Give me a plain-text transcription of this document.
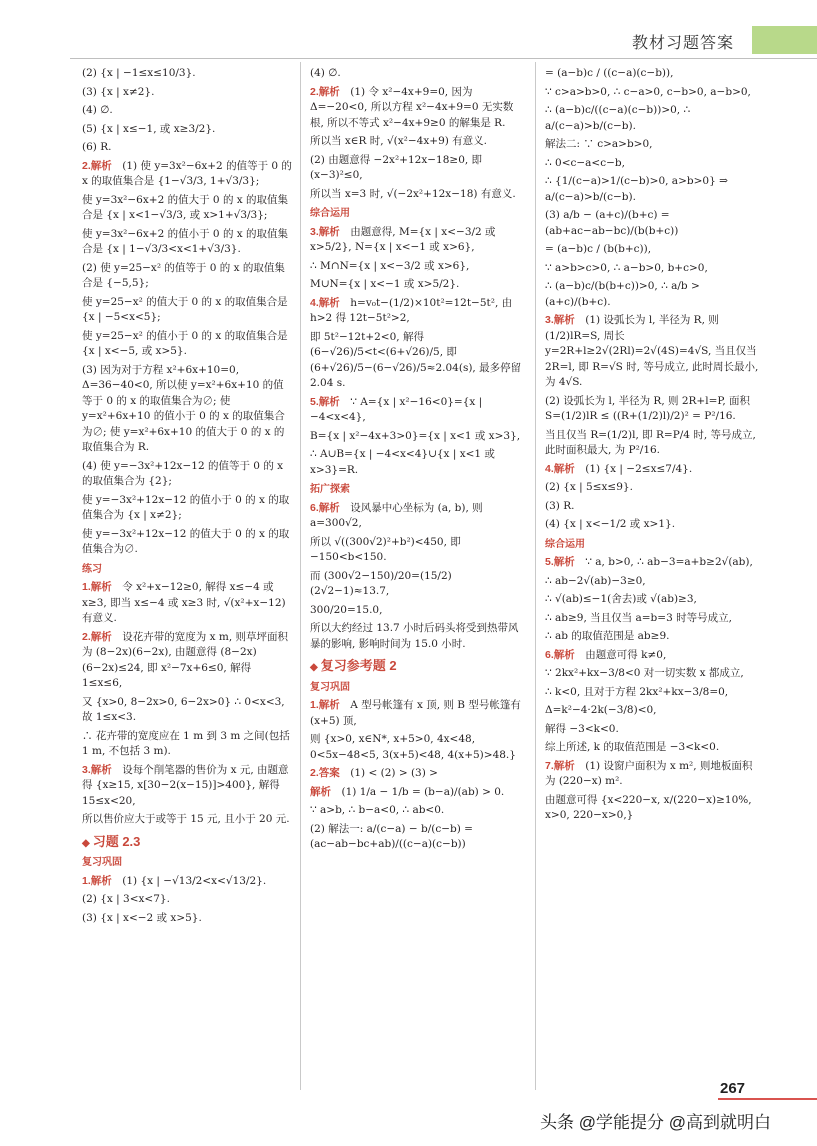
教材习题答案

(2) {x | −1≤x≤10/3}.

(3) {x | x≠2}.

(4) ∅.

(5) {x | x≤−1, 或 x≥3/2}.

(6) R.

2.解析  (1) 使 y=3x²−6x+2 的值等于 0 的 x 的取值集合是 {1−√3/3, 1+√3/3};

使 y=3x²−6x+2 的值大于 0 的 x 的取值集合是 {x | x<1−√3/3, 或 x>1+√3/3};

使 y=3x²−6x+2 的值小于 0 的 x 的取值集合是 {x | 1−√3/3<x<1+√3/3}.

(2) 使 y=25−x² 的值等于 0 的 x 的取值集合是 {−5,5};

使 y=25−x² 的值大于 0 的 x 的取值集合是 {x | −5<x<5};

使 y=25−x² 的值小于 0 的 x 的取值集合是 {x | x<−5, 或 x>5}.

(3) 因为对于方程 x²+6x+10=0, Δ=36−40<0, 所以使 y=x²+6x+10 的值等于 0 的 x 的取值集合为∅; 使 y=x²+6x+10 的值小于 0 的 x 的取值集合为∅; 使 y=x²+6x+10 的值大于 0 的 x 的取值集合为 R.

(4) 使 y=−3x²+12x−12 的值等于 0 的 x 的取值集合为 {2};

使 y=−3x²+12x−12 的值小于 0 的 x 的取值集合为 {x | x≠2};

使 y=−3x²+12x−12 的值大于 0 的 x 的取值集合为∅.

练习

1.解析  令 x²+x−12≥0, 解得 x≤−4 或 x≥3, 即当 x≤−4 或 x≥3 时, √(x²+x−12) 有意义.

2.解析  设花卉带的宽度为 x m, 则草坪面积为 (8−2x)(6−2x), 由题意得 (8−2x)(6−2x)≤24, 即 x²−7x+6≤0, 解得 1≤x≤6,

又 {x>0, 8−2x>0, 6−2x>0} ∴ 0<x<3, 故 1≤x<3.

∴ 花卉带的宽度应在 1 m 到 3 m 之间(包括 1 m, 不包括 3 m).

3.解析  设每个削笔器的售价为 x 元, 由题意得 {x≥15, x[30−2(x−15)]>400}, 解得 15≤x<20,

所以售价应大于或等于 15 元, 且小于 20 元.

◆ 习题 2.3

复习巩固

1.解析  (1) {x | −√13/2<x<√13/2}.

(2) {x | 3<x<7}.

(3) {x | x<−2 或 x>5}.

(4) ∅.

2.解析  (1) 令 x²−4x+9=0, 因为 Δ=−20<0, 所以方程 x²−4x+9=0 无实数根, 所以不等式 x²−4x+9≥0 的解集是 R.

所以当 x∈R 时, √(x²−4x+9) 有意义.

(2) 由题意得 −2x²+12x−18≥0, 即 (x−3)²≤0,

所以当 x=3 时, √(−2x²+12x−18) 有意义.

综合运用

3.解析  由题意得, M={x | x<−3/2 或 x>5/2}, N={x | x<−1 或 x>6},

∴ M∩N={x | x<−3/2 或 x>6},

M∪N={x | x<−1 或 x>5/2}.

4.解析  h=v₀t−(1/2)×10t²=12t−5t², 由 h>2 得 12t−5t²>2,

即 5t²−12t+2<0, 解得 (6−√26)/5<t<(6+√26)/5, 即 (6+√26)/5−(6−√26)/5≈2.04(s), 最多停留 2.04 s.

5.解析  ∵ A={x | x²−16<0}={x | −4<x<4},

B={x | x²−4x+3>0}={x | x<1 或 x>3},

∴ A∪B={x | −4<x<4}∪{x | x<1 或 x>3}=R.

拓广探索

6.解析  设风暴中心坐标为 (a, b), 则 a=300√2,

所以 √((300√2)²+b²)<450, 即 −150<b<150.

而 (300√2−150)/20=(15/2)(2√2−1)≈13.7,

300/20=15.0,

所以大约经过 13.7 小时后码头将受到热带风暴的影响, 影响时间为 15.0 小时.

◆ 复习参考题 2

复习巩固

1.解析  A 型号帐篷有 x 顶, 则 B 型号帐篷有 (x+5) 顶,

则 {x>0, x∈N*, x+5>0, 4x<48, 0<5x−48<5, 3(x+5)<48, 4(x+5)>48.}

2.答案  (1) < (2) > (3) >

解析  (1) 1/a − 1/b = (b−a)/(ab) > 0.

∵ a>b, ∴ b−a<0, ∴ ab<0.

(2) 解法一: a/(c−a) − b/(c−b) = (ac−ab−bc+ab)/((c−a)(c−b))

= (a−b)c / ((c−a)(c−b)),

∵ c>a>b>0, ∴ c−a>0, c−b>0, a−b>0,

∴ (a−b)c/((c−a)(c−b))>0, ∴ a/(c−a)>b/(c−b).

解法二: ∵ c>a>b>0,

∴ 0<c−a<c−b,

∴ {1/(c−a)>1/(c−b)>0, a>b>0} ⇒ a/(c−a)>b/(c−b).

(3) a/b − (a+c)/(b+c) = (ab+ac−ab−bc)/(b(b+c))

= (a−b)c / (b(b+c)),

∵ a>b>c>0, ∴ a−b>0, b+c>0,

∴ (a−b)c/(b(b+c))>0, ∴ a/b > (a+c)/(b+c).

3.解析  (1) 设弧长为 l, 半径为 R, 则 (1/2)lR=S, 周长 y=2R+l≥2√(2Rl)=2√(4S)=4√S, 当且仅当 2R=l, 即 R=√S 时, 等号成立, 此时周长最小, 为 4√S.

(2) 设弧长为 l, 半径为 R, 则 2R+l=P, 面积 S=(1/2)lR ≤ ((R+(1/2)l)/2)² = P²/16.

当且仅当 R=(1/2)l, 即 R=P/4 时, 等号成立, 此时面积最大, 为 P²/16.

4.解析  (1) {x | −2≤x≤7/4}.

(2) {x | 5≤x≤9}.

(3) R.

(4) {x | x<−1/2 或 x>1}.

综合运用

5.解析  ∵ a, b>0, ∴ ab−3=a+b≥2√(ab),

∴ ab−2√(ab)−3≥0,

∴ √(ab)≤−1(舍去)或 √(ab)≥3,

∴ ab≥9, 当且仅当 a=b=3 时等号成立,

∴ ab 的取值范围是 ab≥9.

6.解析  由题意可得 k≠0,

∵ 2kx²+kx−3/8<0 对一切实数 x 都成立,

∴ k<0, 且对于方程 2kx²+kx−3/8=0,

Δ=k²−4·2k(−3/8)<0,

解得 −3<k<0.

综上所述, k 的取值范围是 −3<k<0.

7.解析  (1) 设窗户面积为 x m², 则地板面积为 (220−x) m².

由题意可得 {x<220−x, x/(220−x)≥10%, x>0, 220−x>0,}

267
头条 @学能提分 @高到就明白
